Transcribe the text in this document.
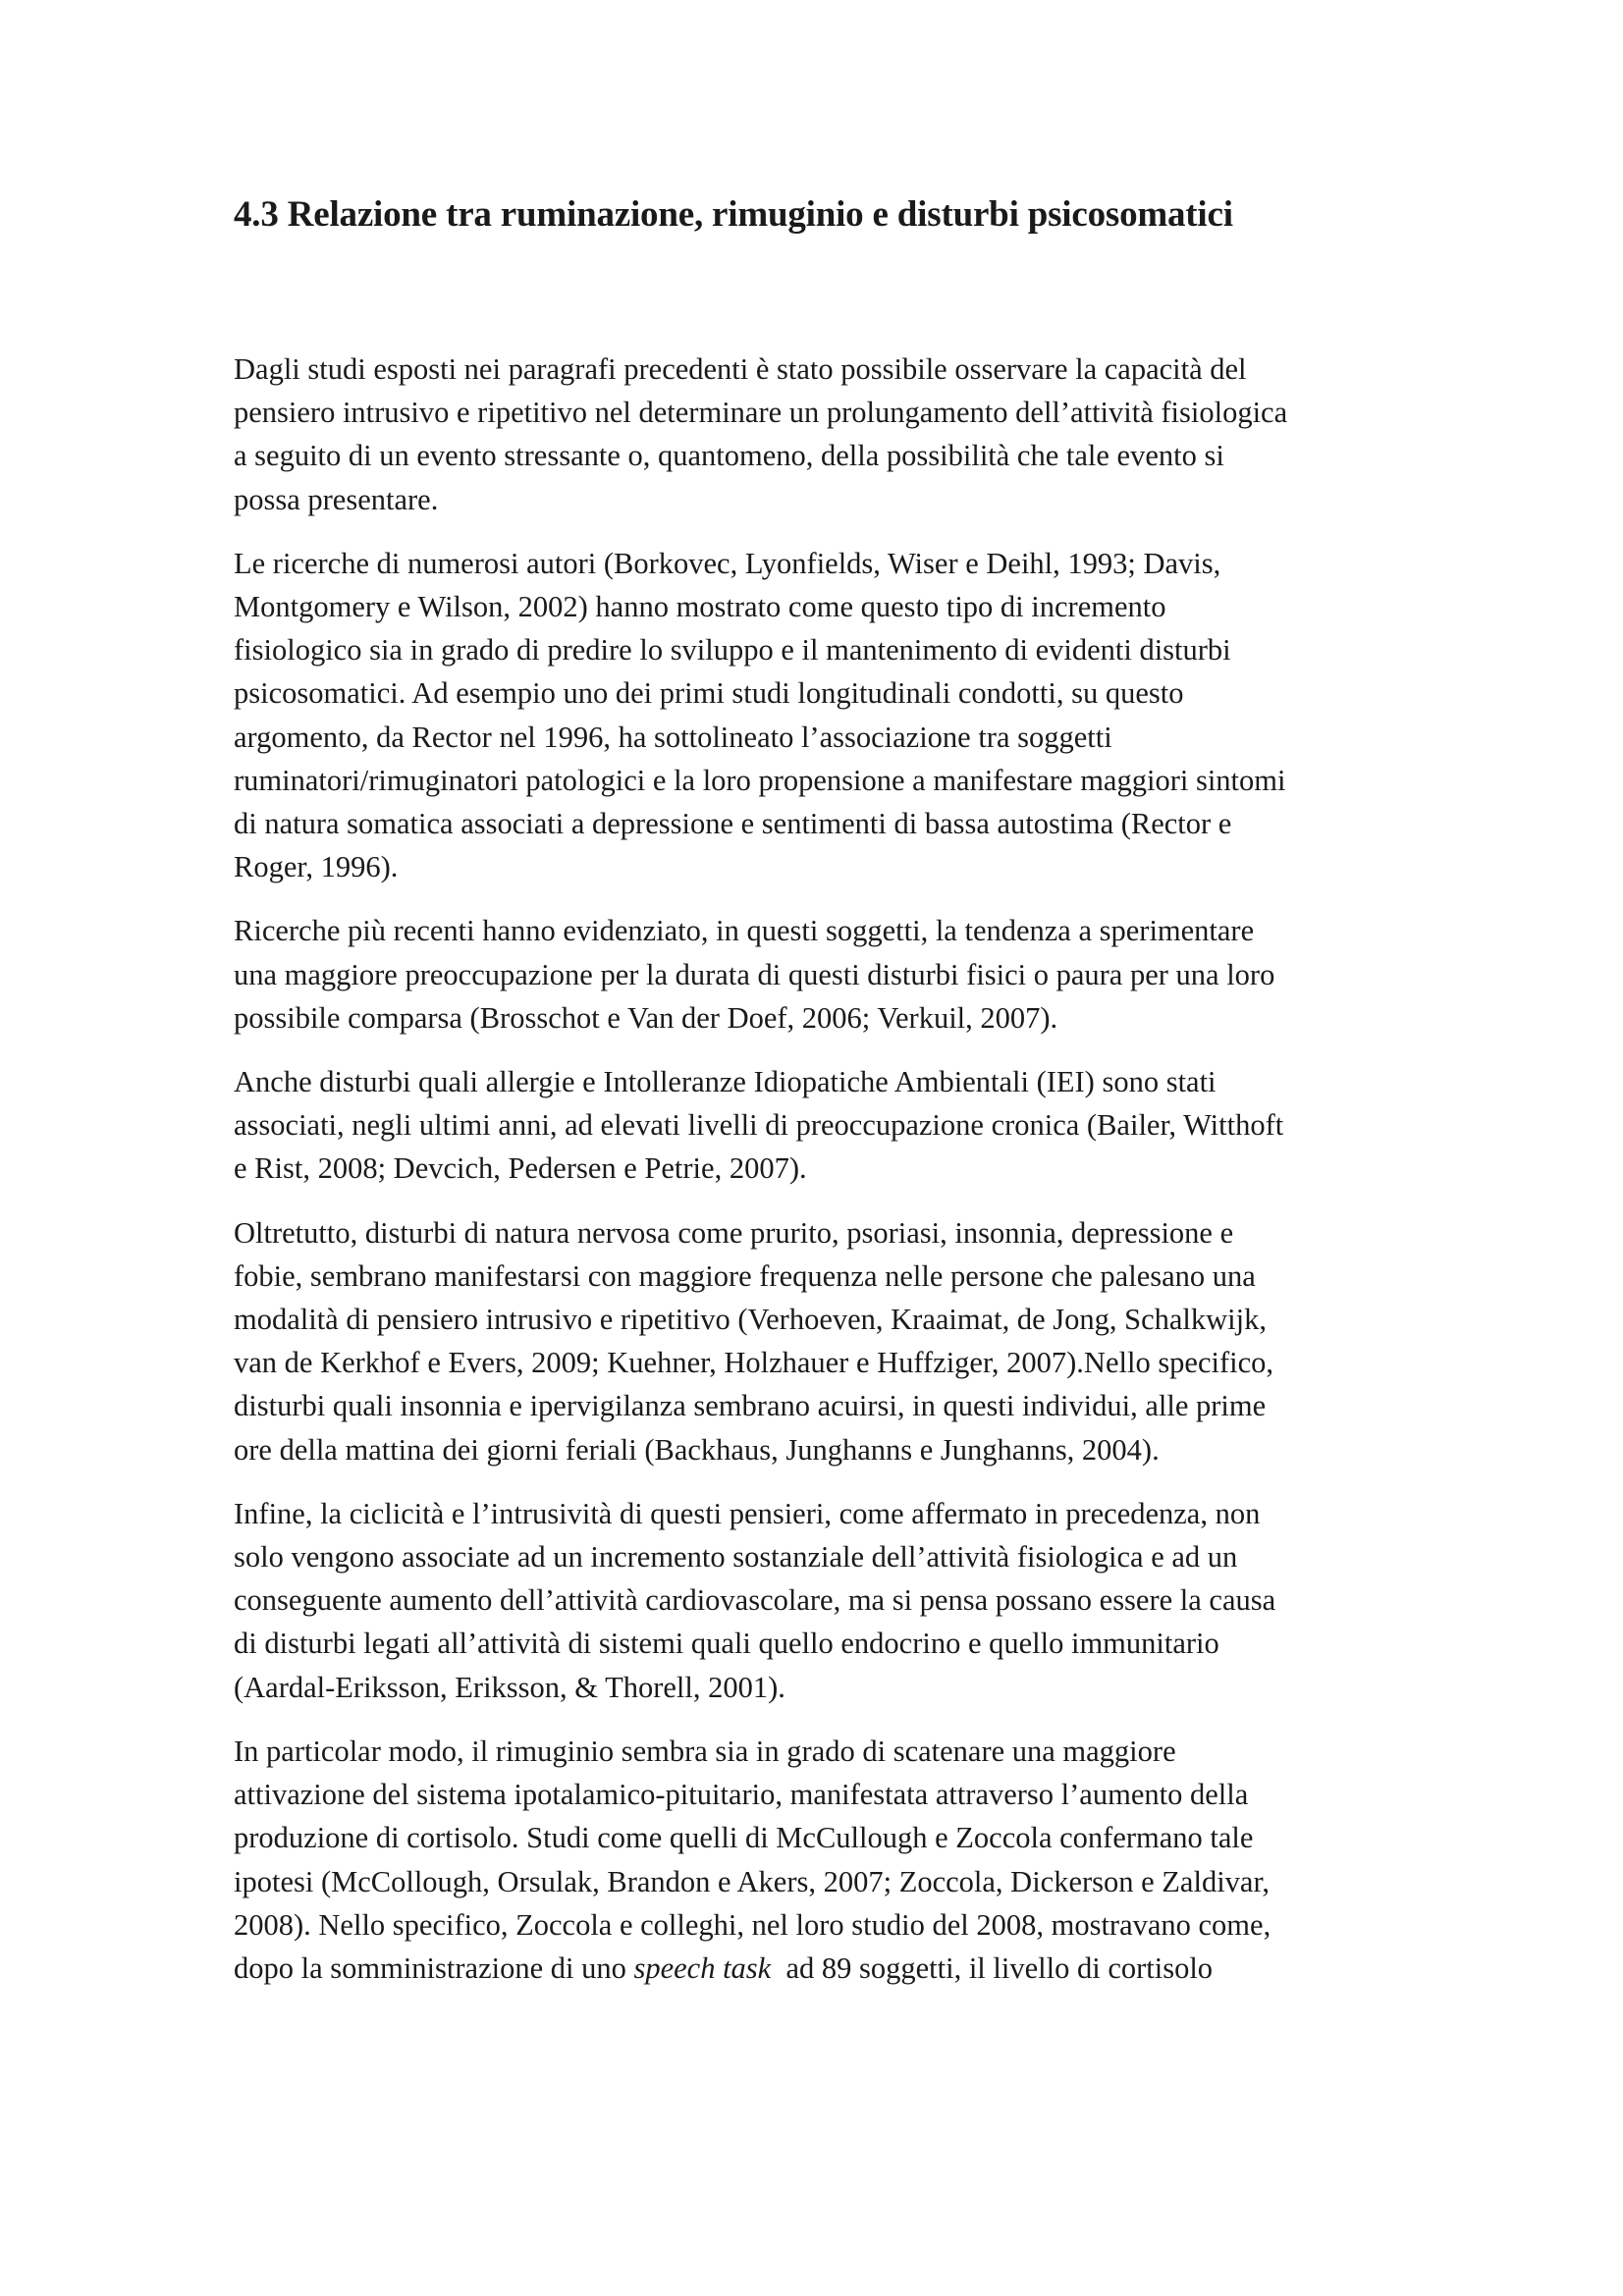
4.3 Relazione tra ruminazione, rimuginio e disturbi psicosomatici

Dagli studi esposti nei paragrafi precedenti è stato possibile osservare la capacità del
pensiero intrusivo e ripetitivo nel determinare un prolungamento dell’attività fisiologica
a seguito di un evento stressante o, quantomeno, della possibilità che tale evento si
possa presentare.

Le ricerche di numerosi autori (Borkovec, Lyonfields, Wiser e Deihl, 1993; Davis,
Montgomery e Wilson, 2002) hanno mostrato come questo tipo di incremento
fisiologico sia in grado di predire lo sviluppo e il mantenimento di evidenti disturbi
psicosomatici. Ad esempio uno dei primi studi longitudinali condotti, su questo
argomento, da Rector nel 1996, ha sottolineato l’associazione tra soggetti
ruminatori/rimuginatori patologici e la loro propensione a manifestare maggiori sintomi
di natura somatica associati a depressione e sentimenti di bassa autostima (Rector e
Roger, 1996).

Ricerche più recenti hanno evidenziato, in questi soggetti, la tendenza a sperimentare
una maggiore preoccupazione per la durata di questi disturbi fisici o paura per una loro
possibile comparsa (Brosschot e Van der Doef, 2006; Verkuil, 2007).

Anche disturbi quali allergie e Intolleranze Idiopatiche Ambientali (IEI) sono stati
associati, negli ultimi anni, ad elevati livelli di preoccupazione cronica (Bailer, Witthoft
e Rist, 2008; Devcich, Pedersen e Petrie, 2007).

Oltretutto, disturbi di natura nervosa come prurito, psoriasi, insonnia, depressione e
fobie, sembrano manifestarsi con maggiore frequenza nelle persone che palesano una
modalità di pensiero intrusivo e ripetitivo (Verhoeven, Kraaimat, de Jong, Schalkwijk,
van de Kerkhof e Evers, 2009; Kuehner, Holzhauer e Huffziger, 2007).Nello specifico,
disturbi quali insonnia e ipervigilanza sembrano acuirsi, in questi individui, alle prime
ore della mattina dei giorni feriali (Backhaus, Junghanns e Junghanns, 2004).

Infine, la ciclicità e l’intrusività di questi pensieri, come affermato in precedenza, non
solo vengono associate ad un incremento sostanziale dell’attività fisiologica e ad un
conseguente aumento dell’attività cardiovascolare, ma si pensa possano essere la causa
di disturbi legati all’attività di sistemi quali quello endocrino e quello immunitario
(Aardal-Eriksson, Eriksson, & Thorell, 2001).

In particolar modo, il rimuginio sembra sia in grado di scatenare una maggiore
attivazione del sistema ipotalamico-pituitario, manifestata attraverso l’aumento della
produzione di cortisolo. Studi come quelli di McCullough e Zoccola confermano tale
ipotesi (McCollough, Orsulak, Brandon e Akers, 2007; Zoccola, Dickerson e Zaldivar,
2008). Nello specifico, Zoccola e colleghi, nel loro studio del 2008, mostravano come,
dopo la somministrazione di uno speech task  ad 89 soggetti, il livello di cortisolo
